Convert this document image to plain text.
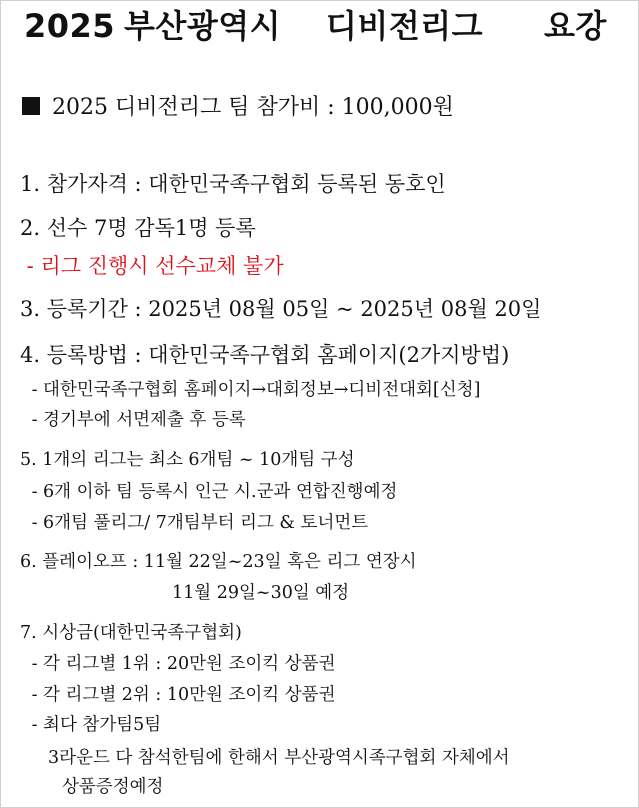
2025 부산광역시 디비전리그 요강
2025 디비전리그 팀 참가비 : 100,000원
1. 참가자격 : 대한민국족구협회 등록된 동호인
2. 선수 7명 감독1명 등록
- 리그 진행시 선수교체 불가
3. 등록기간 : 2025년 08월 05일 ~ 2025년 08월 20일
4. 등록방법 : 대한민국족구협회 홈페이지(2가지방법)
- 대한민국족구협회 홈페이지→대회정보→디비전대회[신청]
- 경기부에 서면제출 후 등록
5. 1개의 리그는 최소 6개팀 ~ 10개팀 구성
- 6개 이하 팀 등록시 인근 시.군과 연합진행예정
- 6개팀 풀리그/ 7개팀부터 리그 & 토너먼트
6. 플레이오프 : 11월 22일~23일 혹은 리그 연장시
11월 29일~30일 예정
7. 시상금(대한민국족구협회)
- 각 리그별 1위 : 20만원 조이킥 상품권
- 각 리그별 2위 : 10만원 조이킥 상품권
- 최다 참가팀5팀
3라운드 다 참석한팀에 한해서 부산광역시족구협회 자체에서
상품증정예정
